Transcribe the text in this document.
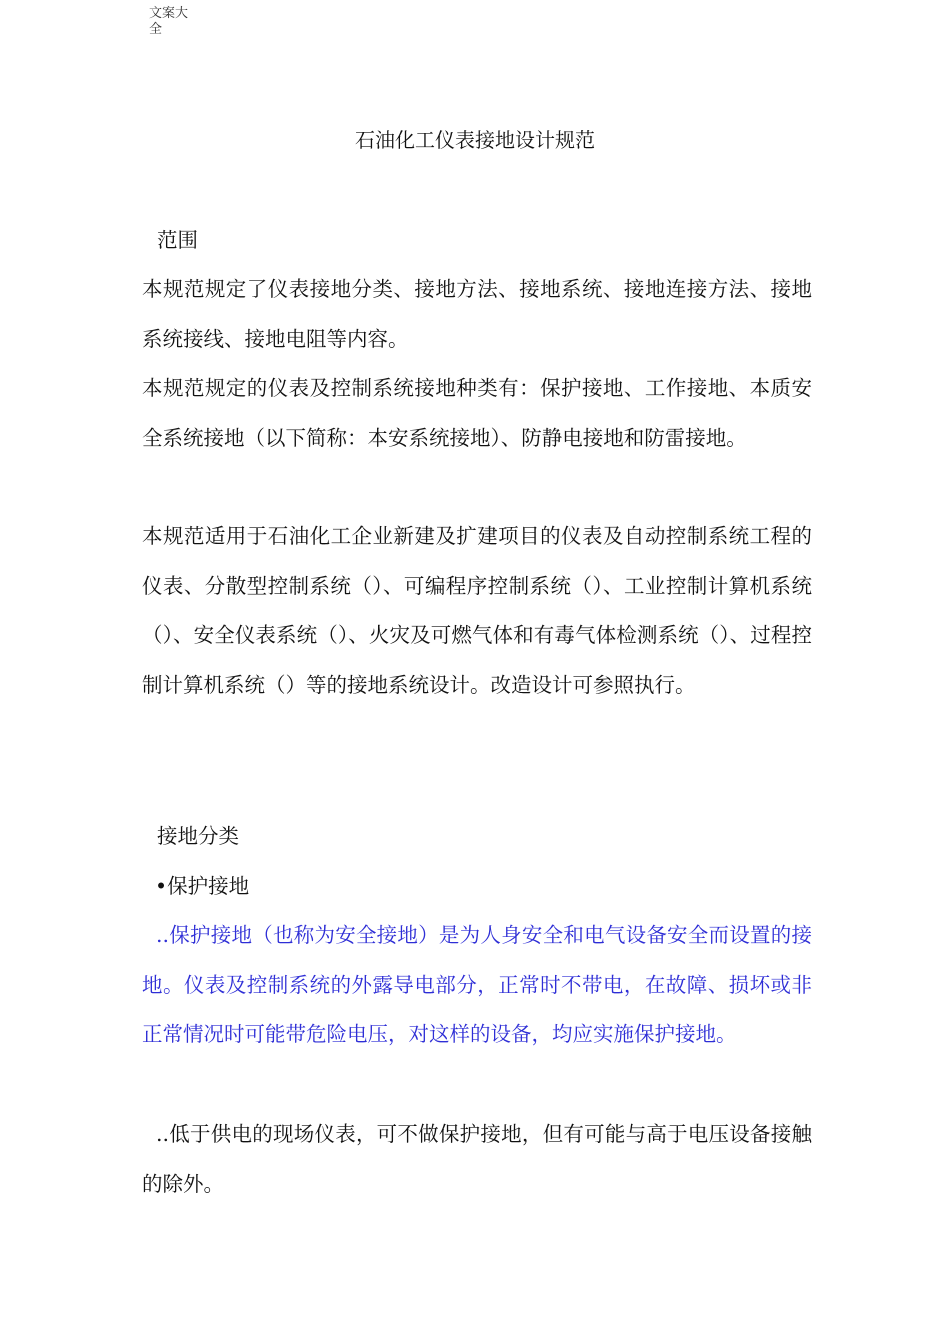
文案大全
石油化工仪表接地设计规范
范围
本规范规定了仪表接地分类、接地方法、接地系统、接地连接方法、接地系统接线、接地电阻等内容。
本规范规定的仪表及控制系统接地种类有：保护接地、工作接地、本质安全系统接地（以下简称：本安系统接地）、防静电接地和防雷接地。
本规范适用于石油化工企业新建及扩建项目的仪表及自动控制系统工程的仪表、分散型控制系统（）、可编程序控制系统（）、工业控制计算机系统（）、安全仪表系统（）、火灾及可燃气体和有毒气体检测系统（）、过程控制计算机系统（）等的接地系统设计。改造设计可参照执行。
接地分类
•保护接地
..保护接地（也称为安全接地）是为人身安全和电气设备安全而设置的接地。仪表及控制系统的外露导电部分，正常时不带电，在故障、损坏或非正常情况时可能带危险电压，对这样的设备，均应实施保护接地。
..低于供电的现场仪表，可不做保护接地，但有可能与高于电压设备接触的除外。
